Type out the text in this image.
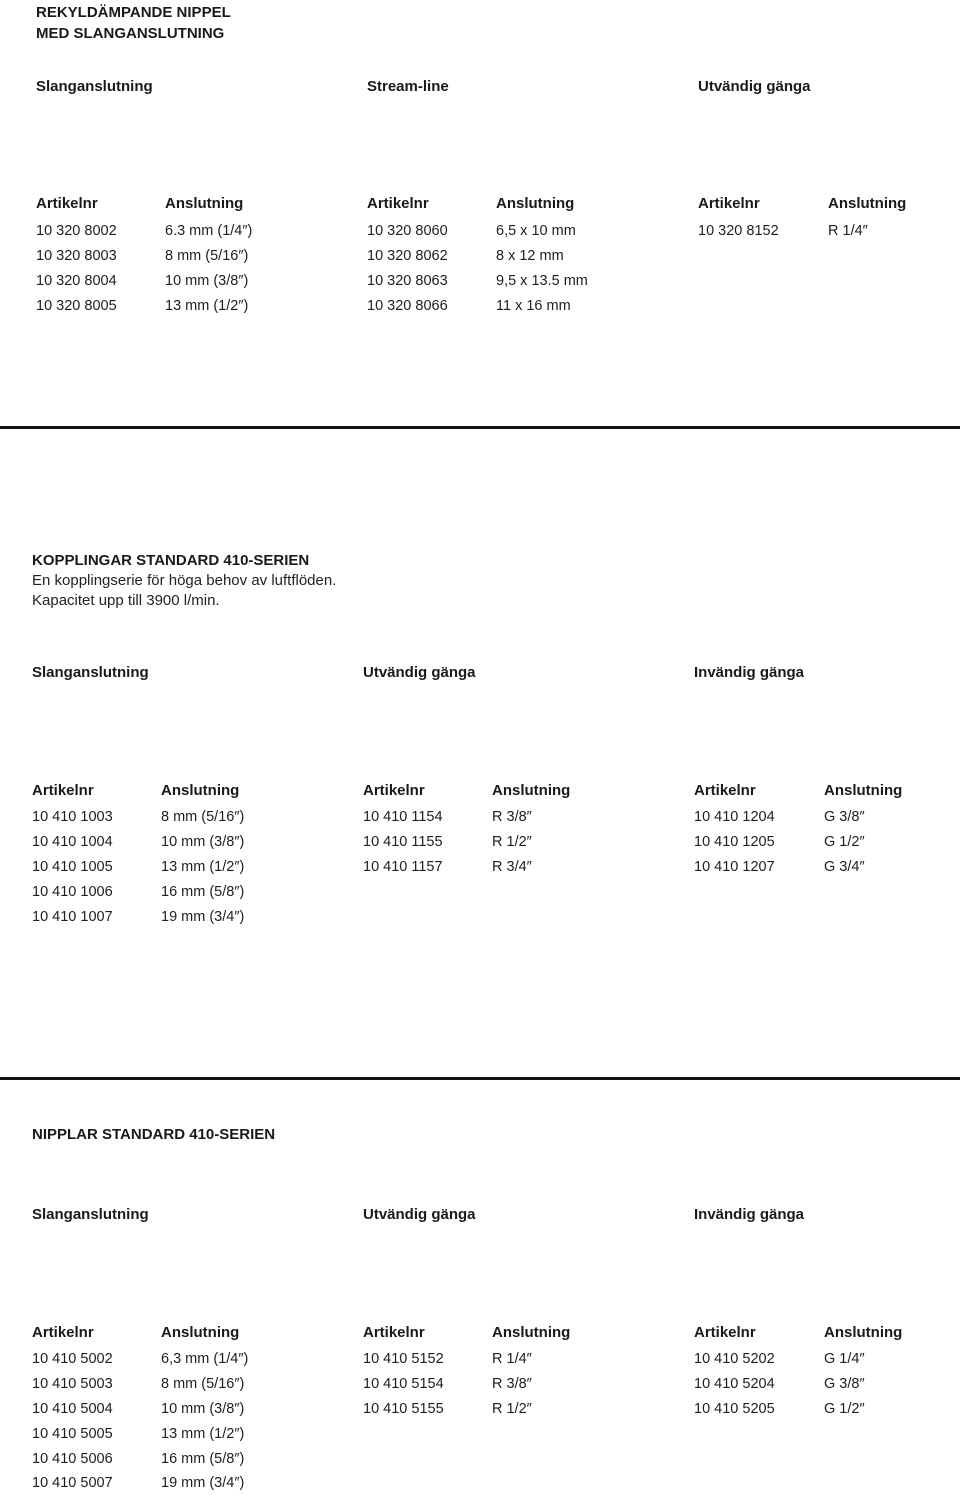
REKYLDÄMPANDE NIPPEL
MED SLANGANSLUTNING
Slanganslutning	Stream-line	Utvändig gänga
Artikelnr	Anslutning	Artikelnr	Anslutning	Artikelnr	Anslutning
10 320 8002	6.3 mm (1/4″)
10 320 8003	8 mm (5/16″)
10 320 8004	10 mm (3/8″)
10 320 8005	13 mm (1/2″)
10 320 8060	6,5 x 10 mm
10 320 8062	8 x 12 mm
10 320 8063	9,5 x 13.5 mm
10 320 8066	11 x 16 mm
10 320 8152	R 1/4″
KOPPLINGAR STANDARD 410-SERIEN
En kopplingserie för höga behov av luftflöden.
Kapacitet upp till 3900 l/min.
Slanganslutning	Utvändig gänga	Invändig gänga
Artikelnr	Anslutning	Artikelnr	Anslutning	Artikelnr	Anslutning
10 410 1003	8 mm (5/16″)
10 410 1004	10 mm (3/8″)
10 410 1005	13 mm (1/2″)
10 410 1006	16 mm (5/8″)
10 410 1007	19 mm (3/4″)
10 410 1154	R 3/8″
10 410 1155	R 1/2″
10 410 1157	R 3/4″
10 410 1204	G 3/8″
10 410 1205	G 1/2″
10 410 1207	G 3/4″
NIPPLAR STANDARD 410-SERIEN
Slanganslutning	Utvändig gänga	Invändig gänga
Artikelnr	Anslutning	Artikelnr	Anslutning	Artikelnr	Anslutning
10 410 5002	6,3 mm (1/4″)
10 410 5003	8 mm (5/16″)
10 410 5004	10 mm (3/8″)
10 410 5005	13 mm (1/2″)
10 410 5006	16 mm (5/8″)
10 410 5007	19 mm (3/4″)
10 410 5152	R 1/4″
10 410 5154	R 3/8″
10 410 5155	R 1/2″
10 410 5202	G 1/4″
10 410 5204	G 3/8″
10 410 5205	G 1/2″
